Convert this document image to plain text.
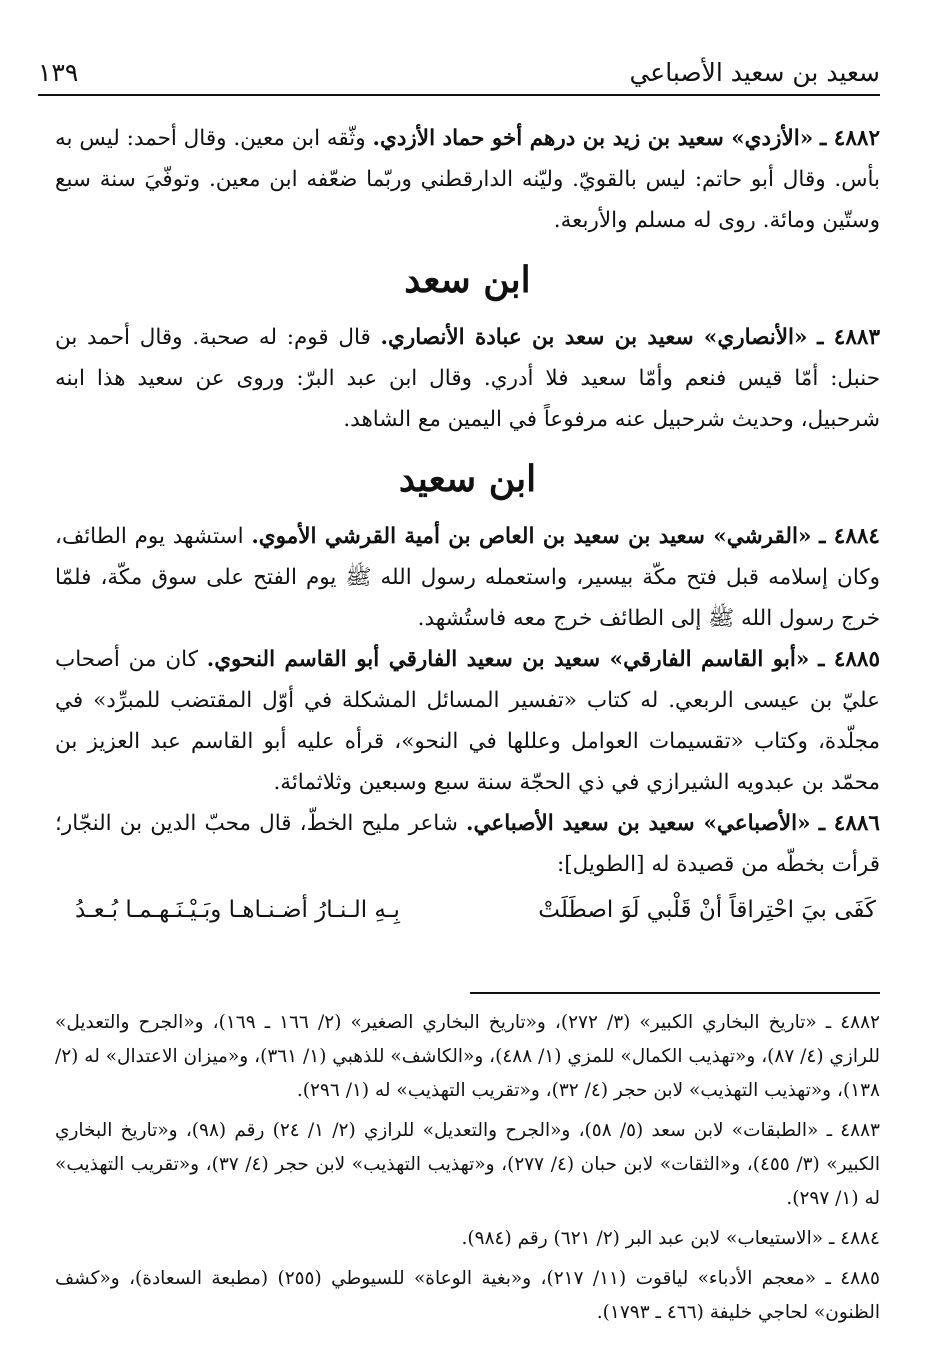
سعيد بن سعيد الأصباعي
١٣٩

٤٨٨٢ ـ «الأزدي» سعيد بن زيد بن درهم أخو حماد الأزدي. وثّقه ابن معين. وقال أحمد: ليس به بأس. وقال أبو حاتم: ليس بالقويّ. وليّنه الدارقطني وربّما ضعّفه ابن معين. وتوفّيَ سنة سبع وستّين ومائة. روى له مسلم والأربعة.

ابن سعد

٤٨٨٣ ـ «الأنصاري» سعيد بن سعد بن عبادة الأنصاري. قال قوم: له صحبة. وقال أحمد بن حنبل: أمّا قيس فنعم وأمّا سعيد فلا أدري. وقال ابن عبد البرّ: وروى عن سعيد هذا ابنه شرحبيل، وحديث شرحبيل عنه مرفوعاً في اليمين مع الشاهد.

ابن سعيد

٤٨٨٤ ـ «القرشي» سعيد بن سعيد بن العاص بن أمية القرشي الأموي. استشهد يوم الطائف، وكان إسلامه قبل فتح مكّة بيسير، واستعمله رسول الله ﷺ يوم الفتح على سوق مكّة، فلمّا خرج رسول الله ﷺ إلى الطائف خرج معه فاستُشهد.

٤٨٨٥ ـ «أبو القاسم الفارقي» سعيد بن سعيد الفارقي أبو القاسم النحوي. كان من أصحاب عليّ بن عيسى الربعي. له كتاب «تفسير المسائل المشكلة في أوّل المقتضب للمبرِّد» في مجلّدة، وكتاب «تقسيمات العوامل وعللها في النحو»، قرأه عليه أبو القاسم عبد العزيز بن محمّد بن عبدويه الشيرازي في ذي الحجّة سنة سبع وسبعين وثلاثمائة.

٤٨٨٦ ـ «الأصباعي» سعيد بن سعيد الأصباعي. شاعر مليح الخطّ، قال محبّ الدين بن النجّار؛ قرأت بخطّه من قصيدة له [الطويل]:

كَفَى بيَ احْتِراقاً أنْ قَلْبي لَوَ اصطَلَتْ
بِـهِ الـنـارُ أضـنـاهـا وبَـيْـنَـهـمـا بُـعـدُ

٤٨٨٢ ـ «تاريخ البخاري الكبير» (٣/ ٢٧٢)، و«تاريخ البخاري الصغير» (٢/ ١٦٦ ـ ١٦٩)، و«الجرح والتعديل» للرازي (٤/ ٨٧)، و«تهذيب الكمال» للمزي (١/ ٤٨٨)، و«الكاشف» للذهبي (١/ ٣٦١)، و«ميزان الاعتدال» له (٢/ ١٣٨)، و«تهذيب التهذيب» لابن حجر (٤/ ٣٢)، و«تقريب التهذيب» له (١/ ٢٩٦).

٤٨٨٣ ـ «الطبقات» لابن سعد (٥/ ٥٨)، و«الجرح والتعديل» للرازي (٢/ ١/ ٢٤) رقم (٩٨)، و«تاريخ البخاري الكبير» (٣/ ٤٥٥)، و«الثقات» لابن حبان (٤/ ٢٧٧)، و«تهذيب التهذيب» لابن حجر (٤/ ٣٧)، و«تقريب التهذيب» له (١/ ٢٩٧).

٤٨٨٤ ـ «الاستيعاب» لابن عبد البر (٢/ ٦٢١) رقم (٩٨٤).

٤٨٨٥ ـ «معجم الأدباء» لياقوت (١١/ ٢١٧)، و«بغية الوعاة» للسيوطي (٢٥٥) (مطبعة السعادة)، و«كشف الظنون» لحاجي خليفة (٤٦٦ ـ ١٧٩٣).
